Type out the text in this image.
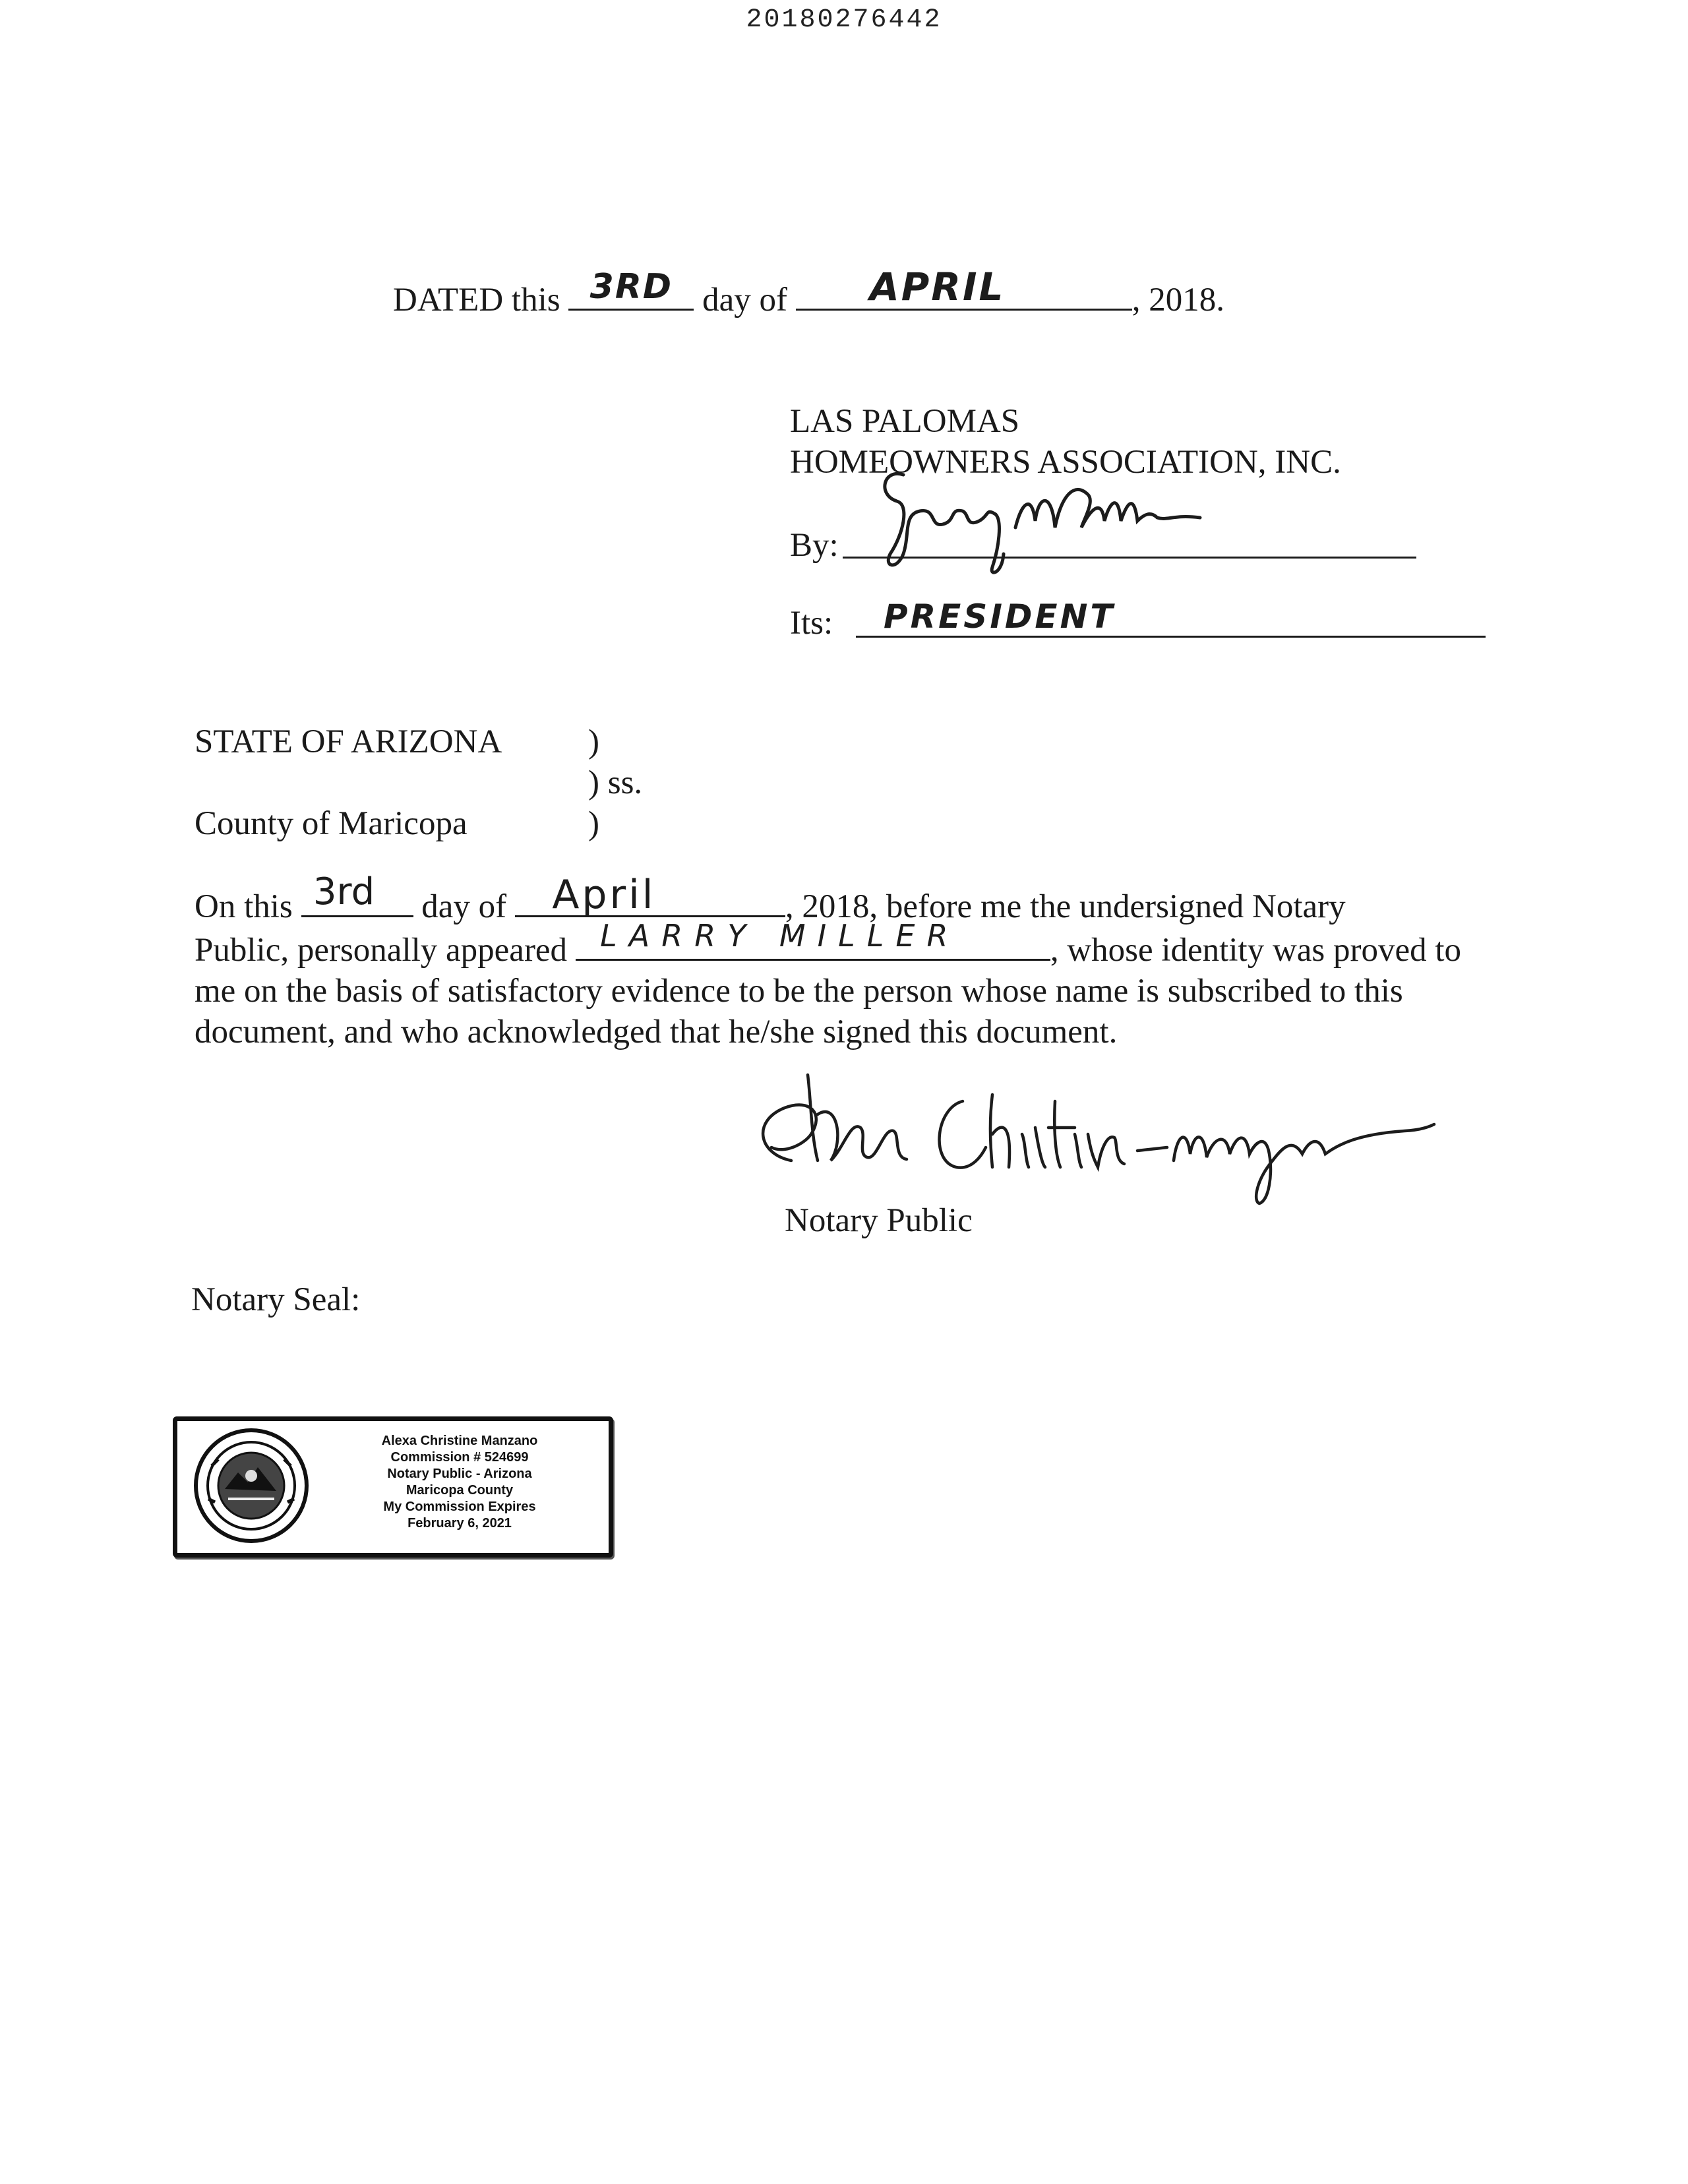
20180276442
DATED this 3RD day of	APRIL	, 2018.
LAS PALOMAS
HOMEOWNERS ASSOCIATION, INC.
By:
Its: PRESIDENT
STATE OF ARIZONA	)
) ss.
County of Maricopa	)
On this 3rd	day of	April	, 2018, before me the undersigned Notary
Public, personally appeared	LARRY MILLER	, whose identity was proved to
me on the basis of satisfactory evidence to be the person whose name is subscribed to this
document, and who acknowledged that he/she signed this document.
Notary Public
Notary Seal:
Alexa Christine Manzano
Commission # 524699
Notary Public - Arizona
Maricopa County
My Commission Expires
February 6, 2021
